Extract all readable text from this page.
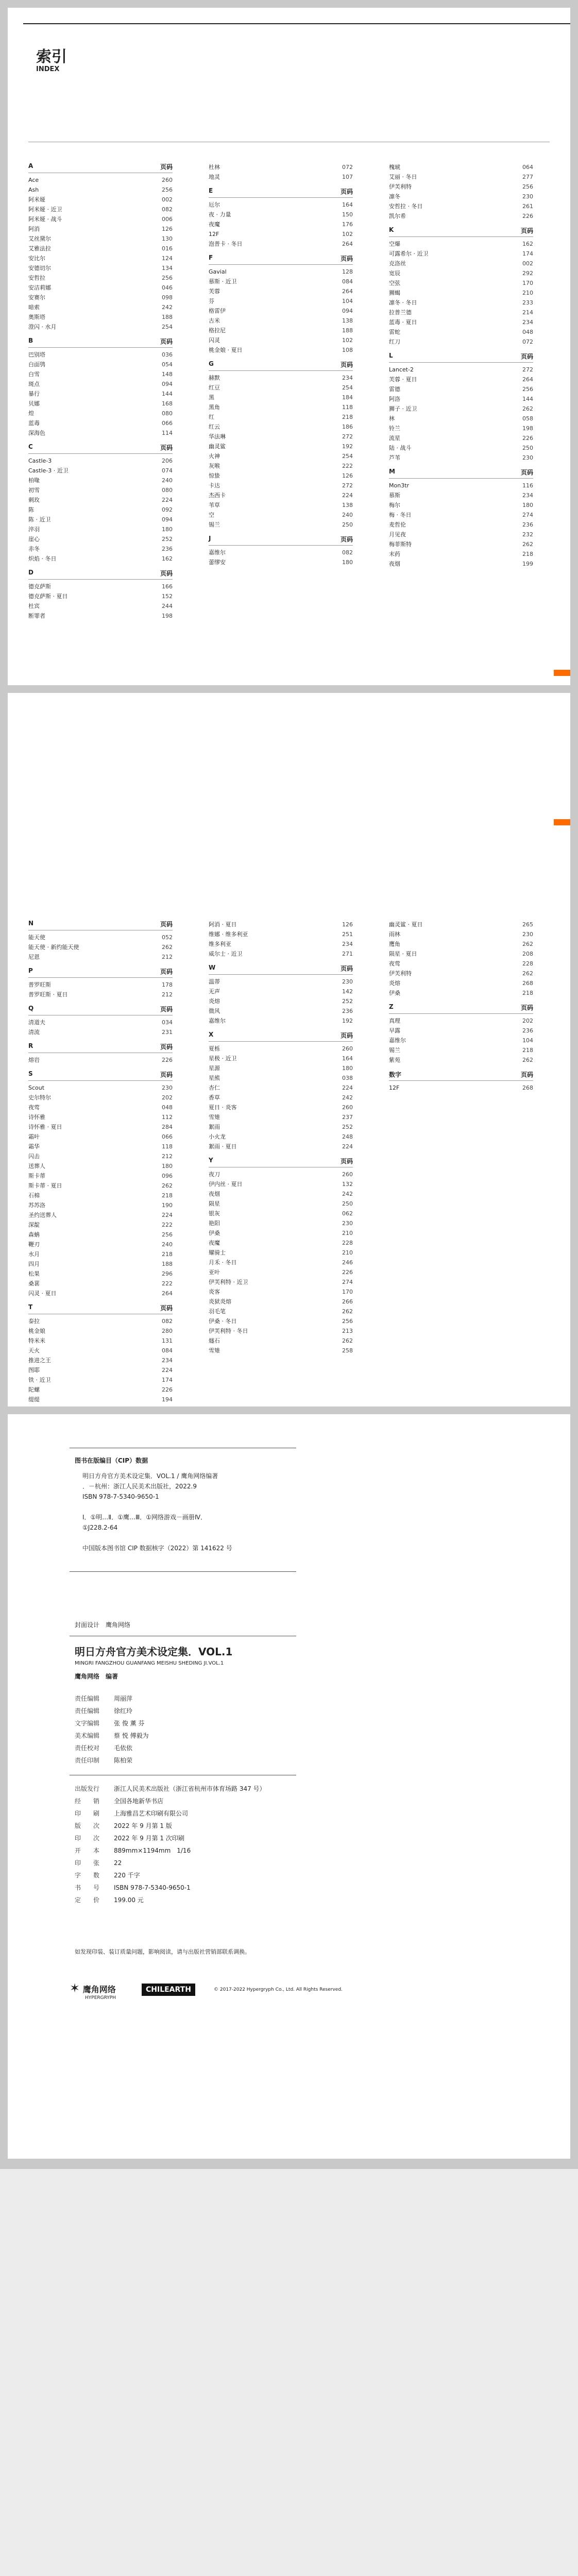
索引
INDEX
A	页码
Ace	260
Ash	256
阿米娅	002
阿米娅 · 近卫	082
阿米娅 · 战斗	006
阿消	126
艾丝黛尔	130
艾雅法拉	016
安比尔	124
安德切尔	134
安哲拉	256
安洁莉娜	046
安赛尔	098
暗索	242
奥斯塔	188
澄闪 · 水月	254
B	页码
巴别塔	036
白面鸮	054
白雪	148
斑点	094
暴行	144
贝娜	168
煌	080
蓝毒	066
深海色	114
C	页码
Castle-3	206
Castle-3 · 近卫	074
柏喙	240
初雪	080
刺玫	224
陈	092
陈 · 近卫	094
淬羽	180
崖心	252
赤冬	236
炽焰 · 冬日	162
D	页码
德克萨斯	166
德克萨斯 · 夏日	152
杜宾	244
断罪者	198
杜林	072
地灵	107
E	页码
厄尔	164
夜 · 力量	150
夜魔	176
12F	102
泡普卡 · 冬日	264
F	页码
Gavial	128
慕斯 · 近卫	084
芙蓉	264
芬	104
格雷伊	094
古米	138
格拉尼	188
闪灵	102
桃金娘 · 夏日	108
G	页码
赫默	234
红豆	254
黑	184
黑角	118
红	218
红云	186
华法琳	272
幽灵鲨	192
火神	254
灰喉	222
惊蛰	126
卡达	272
杰西卡	224
苇草	138
空	240
锡兰	250
J	页码
嘉维尔	082
蕾缪安	180
槐琥	064
艾丽 · 冬日	277
伊芙利特	256
凛冬	230
安哲拉 · 冬日	261
凯尔希	226
K	页码
空爆	162
可露希尔 · 近卫	174
克洛丝	002
宽辰	292
空弦	170
狮蝎	210
凛冬 · 冬日	233
拉普兰德	214
蓝毒 · 夏日	234
雷蛇	048
红刀	072
L	页码
Lancet-2	272
芙蓉 · 夏日	264
雷德	256
阿洛	144
狮子 · 近卫	262
林	058
铃兰	198
流星	226
陆 · 战斗	250
芦苇	230
M	页码
Mon3tr	116
慕斯	234
梅尔	180
梅 · 冬日	274
麦哲伦	236
月见夜	232
梅菲斯特	262
末药	218
夜烟	199
N	页码
能天使	052
能天使 · 新约能天使	262
尼恩	212
P	页码
普罗旺斯	178
普罗旺斯 · 夏日	212
Q	页码
清道夫	034
清流	231
R	页码
熔岩	226
S	页码
Scout	230
史尔特尔	202
夜莺	048
诗怀雅	112
诗怀雅 · 夏日	284
霜叶	066
霜华	118
闪击	212
送葬人	180
斯卡蒂	096
斯卡蒂 · 夏日	262
石棉	218
苏苏洛	190
圣约送葬人	224
深靛	222
森蚺	256
鞭刃	240
水月	218
四月	188
松果	296
桑葚	222
闪灵 · 夏日	264
T	页码
泰拉	082
桃金娘	280
特米米	131
天火	084
推进之王	234
图耶	224
铁 · 近卫	174
陀螺	226
缇缇	194
阿消 · 夏日	126
维娜 · 维多利亚	251
维多利亚	234
威尔士 · 近卫	271
W	页码
温蒂	230
无声	142
炎熔	252
微风	236
嘉维尔	192
X	页码
夏栎	260
星极 · 近卫	164
星源	180
星熊	038
杏仁	224
香草	242
夏日 · 炎客	260
雪雉	237
絮雨	252
小火龙	248
絮雨 · 夏日	224
Y	页码
夜刀	260
伊内丝 · 夏日	132
夜烟	242
陨星	250
银灰	062
艳阳	230
伊桑	210
夜魔	228
耀骑士	210
月禾 · 冬日	246
亚叶	226
伊芙利特 · 近卫	274
炎客	170
炎狱炎熔	266
羽毛笔	262
伊桑 · 冬日	256
伊芙利特 · 冬日	213
燧石	262
雪雉	258
幽灵鲨 · 夏日	265
雨林	230
鹰角	262
陨星 · 夏日	208
夜莺	228
伊芙利特	262
炎熔	268
伊桑	218
Z	页码
真理	202
早露	236
嘉维尔	104
锡兰	218
紫苑	262
数字	页码
12F	268
图书在版编目（CIP）数据
明日方舟官方美术设定集．VOL.1 / 鹰角网络编著
．－杭州：浙江人民美术出版社，2022.9
ISBN 978-7-5340-9650-1

Ⅰ．①明…Ⅱ．①鹰…Ⅲ．①网络游戏－画册Ⅳ．
①J228.2-64

中国版本图书馆 CIP 数据核字（2022）第 141622 号
封面设计　鹰角网络
明日方舟官方美术设定集．VOL.1
MINGRI FANGZHOU GUANFANG MEISHU SHEDING JI.VOL.1
鹰角网络　编著
责任编辑	周丽萍
责任编辑	徐红玲
文字编辑	张 俊 薰 芬
美术编辑	蔡 悦 傅毅为
责任校对	毛依依
责任印制	陈柏荣
出版发行	浙江人民美术出版社（浙江省杭州市体育场路 347 号）
经　　销	全国各地新华书店
印　　刷	上海雅昌艺术印刷有限公司
版　　次	2022 年 9 月第 1 版
印　　次	2022 年 9 月第 1 次印刷
开　　本	889mm×1194mm　1/16
印　　张	22
字　　数	220 千字
书　　号	ISBN 978-7-5340-9650-1
定　　价	199.00 元
如发现印装、装订质量问题，影响阅读，请与出版社营销部联系调换。
✶ 鹰角网络
HYPERGRYPH
CHILEARTH	© 2017-2022 Hypergryph Co., Ltd. All Rights Reserved.
